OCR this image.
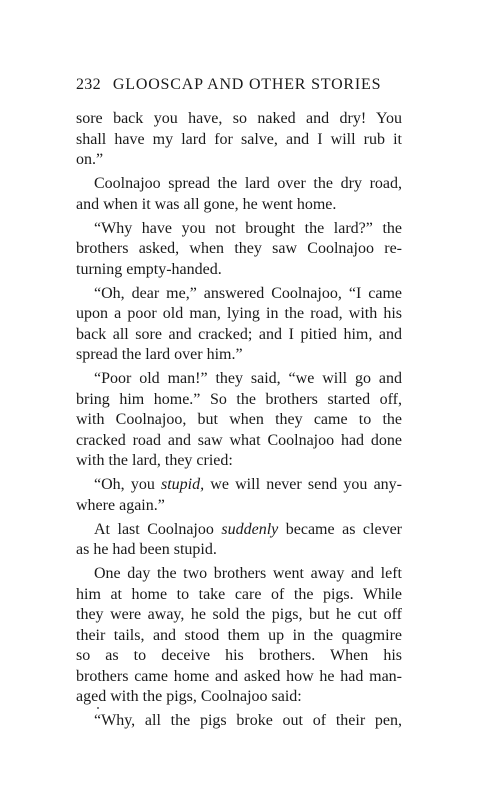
232 GLOOSCAP AND OTHER STORIES
sore back you have, so naked and dry! You
shall have my lard for salve, and I will rub it
on.”
Coolnajoo spread the lard over the dry road,
and when it was all gone, he went home.
“Why have you not brought the lard?” the
brothers asked, when they saw Coolnajoo re-
turning empty-handed.
“Oh, dear me,” answered Coolnajoo, “I came
upon a poor old man, lying in the road, with his
back all sore and cracked; and I pitied him, and
spread the lard over him.”
“Poor old man!” they said, “we will go and
bring him home.” So the brothers started off,
with Coolnajoo, but when they came to the
cracked road and saw what Coolnajoo had done
with the lard, they cried:
“Oh, you stupid, we will never send you any-
where again.”
At last Coolnajoo suddenly became as clever
as he had been stupid.
One day the two brothers went away and left
him at home to take care of the pigs. While
they were away, he sold the pigs, but he cut off
their tails, and stood them up in the quagmire
so as to deceive his brothers. When his
brothers came home and asked how he had man-
aged with the pigs, Coolnajoo said:
“Why, all the pigs broke out of their pen,
